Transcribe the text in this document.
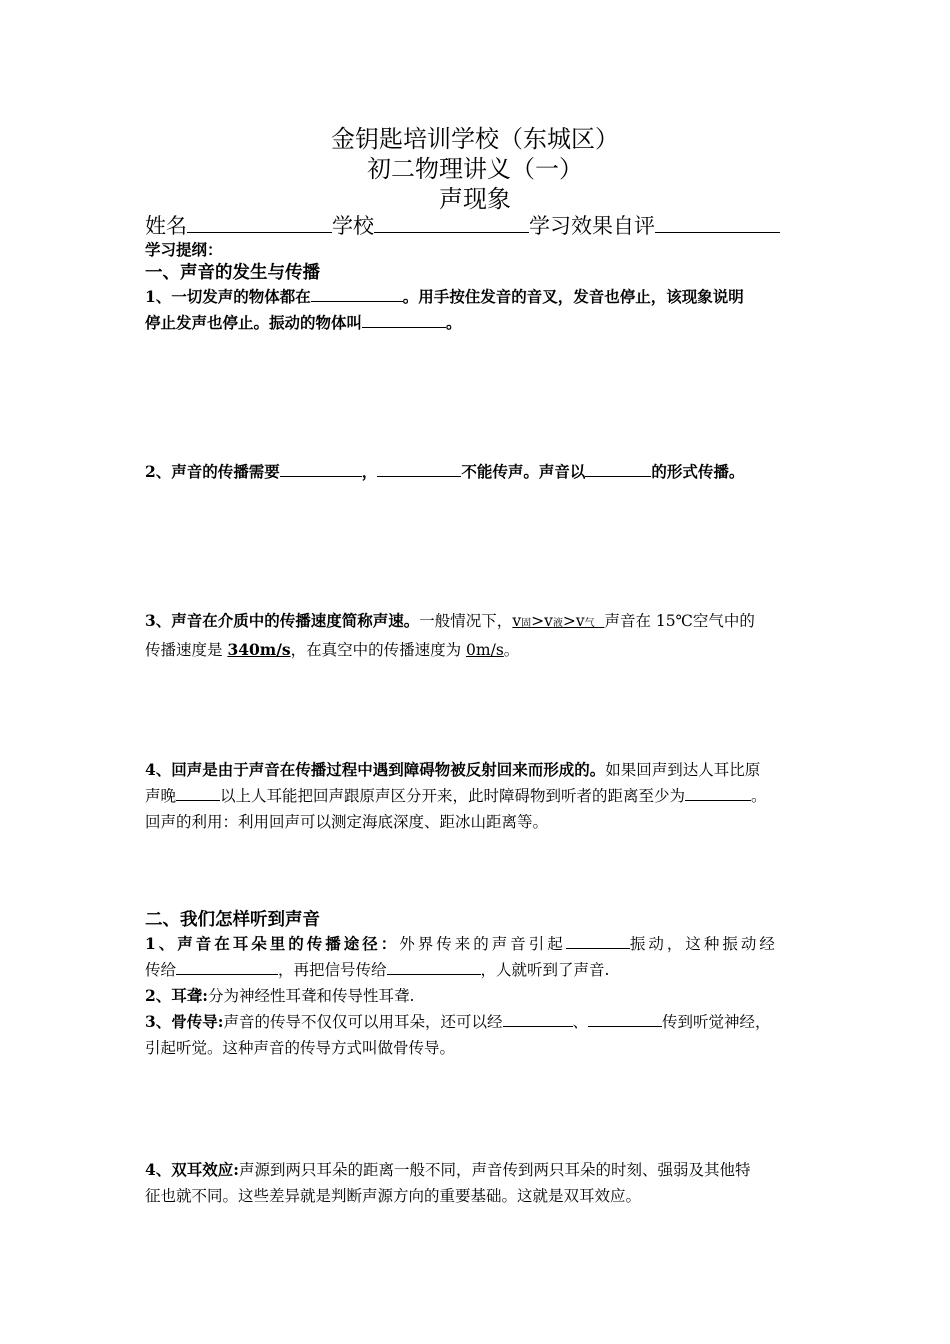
金钥匙培训学校（东城区）
初二物理讲义（一）
声现象
姓名	学校	学习效果自评
学习提纲：
一、声音的发生与传播
1、一切发声的物体都在	。用手按住发音的音叉，发音也停止，该现象说明
停止发声也停止。振动的物体叫	。
2、声音的传播需要	，	不能传声。声音以	的形式传播。
3、声音在介质中的传播速度简称声速。一般情况下，v固>v液>v气 声音在 15℃空气中的
传播速度是 340m/s，在真空中的传播速度为 0m/s。
4、回声是由于声音在传播过程中遇到障碍物被反射回来而形成的。如果回声到达人耳比原
声晚	以上人耳能把回声跟原声区分开来，此时障碍物到听者的距离至少为	。
回声的利用：利用回声可以测定海底深度、距冰山距离等。
二、我们怎样听到声音
1、声音在耳朵里的传播途径：外界传来的声音引起	振动，这种振动经
传给	，再把信号传给	，人就听到了声音.
2、耳聋:分为神经性耳聋和传导性耳聋.
3、骨传导:声音的传导不仅仅可以用耳朵，还可以经	、	传到听觉神经，
引起听觉。这种声音的传导方式叫做骨传导。
4、双耳效应:声源到两只耳朵的距离一般不同，声音传到两只耳朵的时刻、强弱及其他特
征也就不同。这些差异就是判断声源方向的重要基础。这就是双耳效应。
